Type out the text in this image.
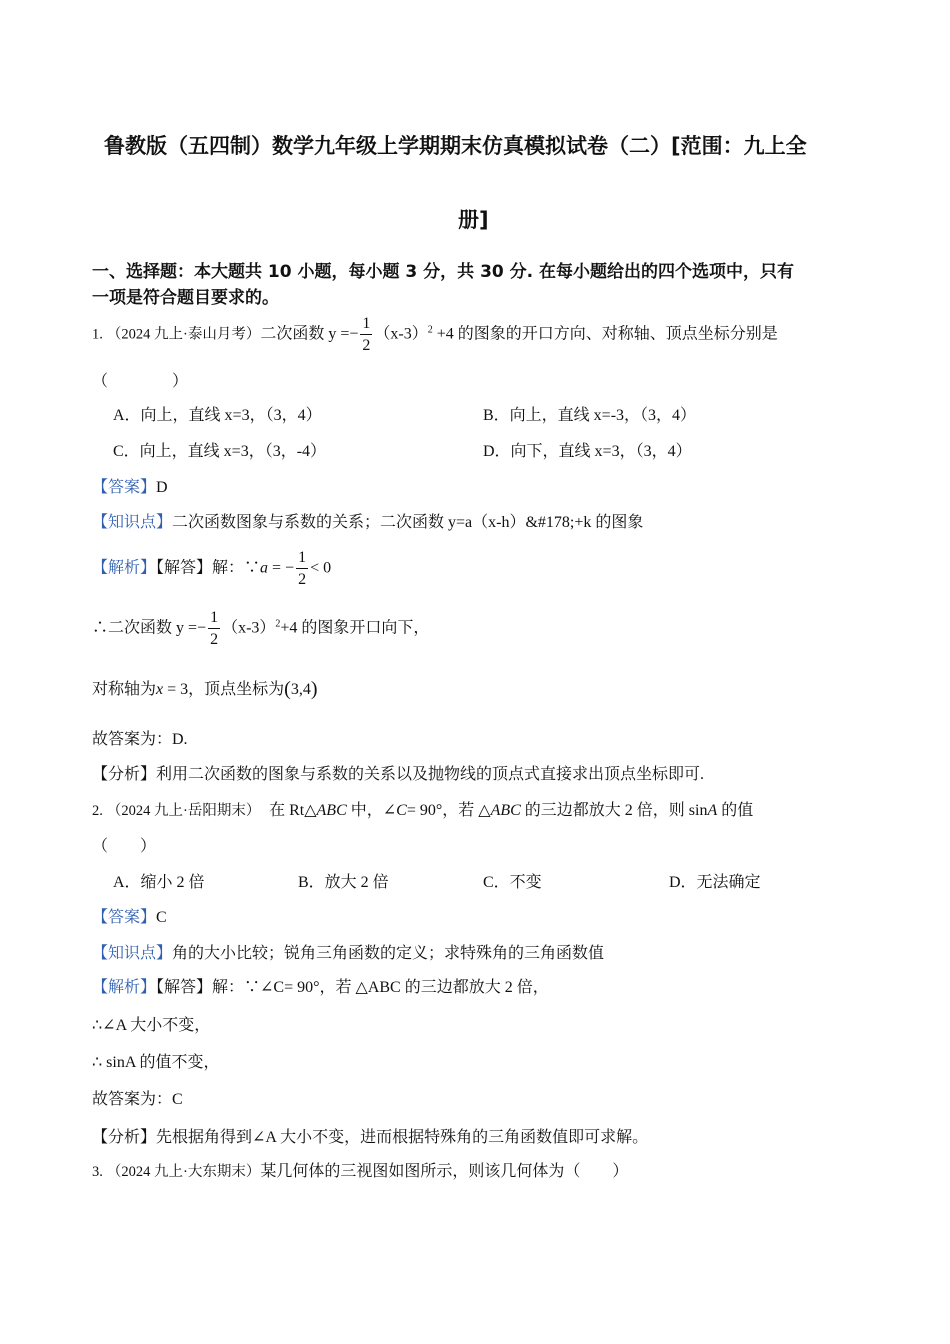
鲁教版（五四制）数学九年级上学期期末仿真模拟试卷（二）[范围：九上全
册]
一、选择题：本大题共 10 小题，每小题 3 分，共 30 分. 在每小题给出的四个选项中，只有
一项是符合题目要求的。
1. （2024 九上·泰山月考）二次函数 $y =- \frac{1}{2} (x-3)^2 +4$ 的图象的开口方向、对称轴、顶点坐标分别是
（　　　　）
A．向上，直线 x=3，（3，4）	B．向上，直线 x=-3，（3，4）
C．向上，直线 x=3，（3，-4）	D．向下，直线 x=3，（3，4）
【答案】D
【知识点】二次函数图象与系数的关系；二次函数 y=a（x-h）&#178;+k 的图象
【解析】【解答】解：∵a = − $\frac{1}{2} < 0$
∴二次函数 $y =- \frac{1}{2} (x-3)^2+4$ 的图象开口向下，
对称轴为x = 3，顶点坐标为(3,4)
故答案为：D.
【分析】利用二次函数的图象与系数的关系以及抛物线的顶点式直接求出顶点坐标即可.
2. （2024 九上·岳阳期末）　在 Rt△ABC 中，∠C= 90°，若 △ABC 的三边都放大 2 倍，则 sinA 的值
（　　）
A．缩小 2 倍	B．放大 2 倍	C．不变	D．无法确定
【答案】C
【知识点】角的大小比较；锐角三角函数的定义；求特殊角的三角函数值
【解析】【解答】解：∵∠C= 90°，若 △ABC 的三边都放大 2 倍，
∴∠A 大小不变，
∴ sinA 的值不变，
故答案为：C
【分析】先根据角得到∠A 大小不变，进而根据特殊角的三角函数值即可求解。
3. （2024 九上·大东期末）某几何体的三视图如图所示，则该几何体为（　　）
